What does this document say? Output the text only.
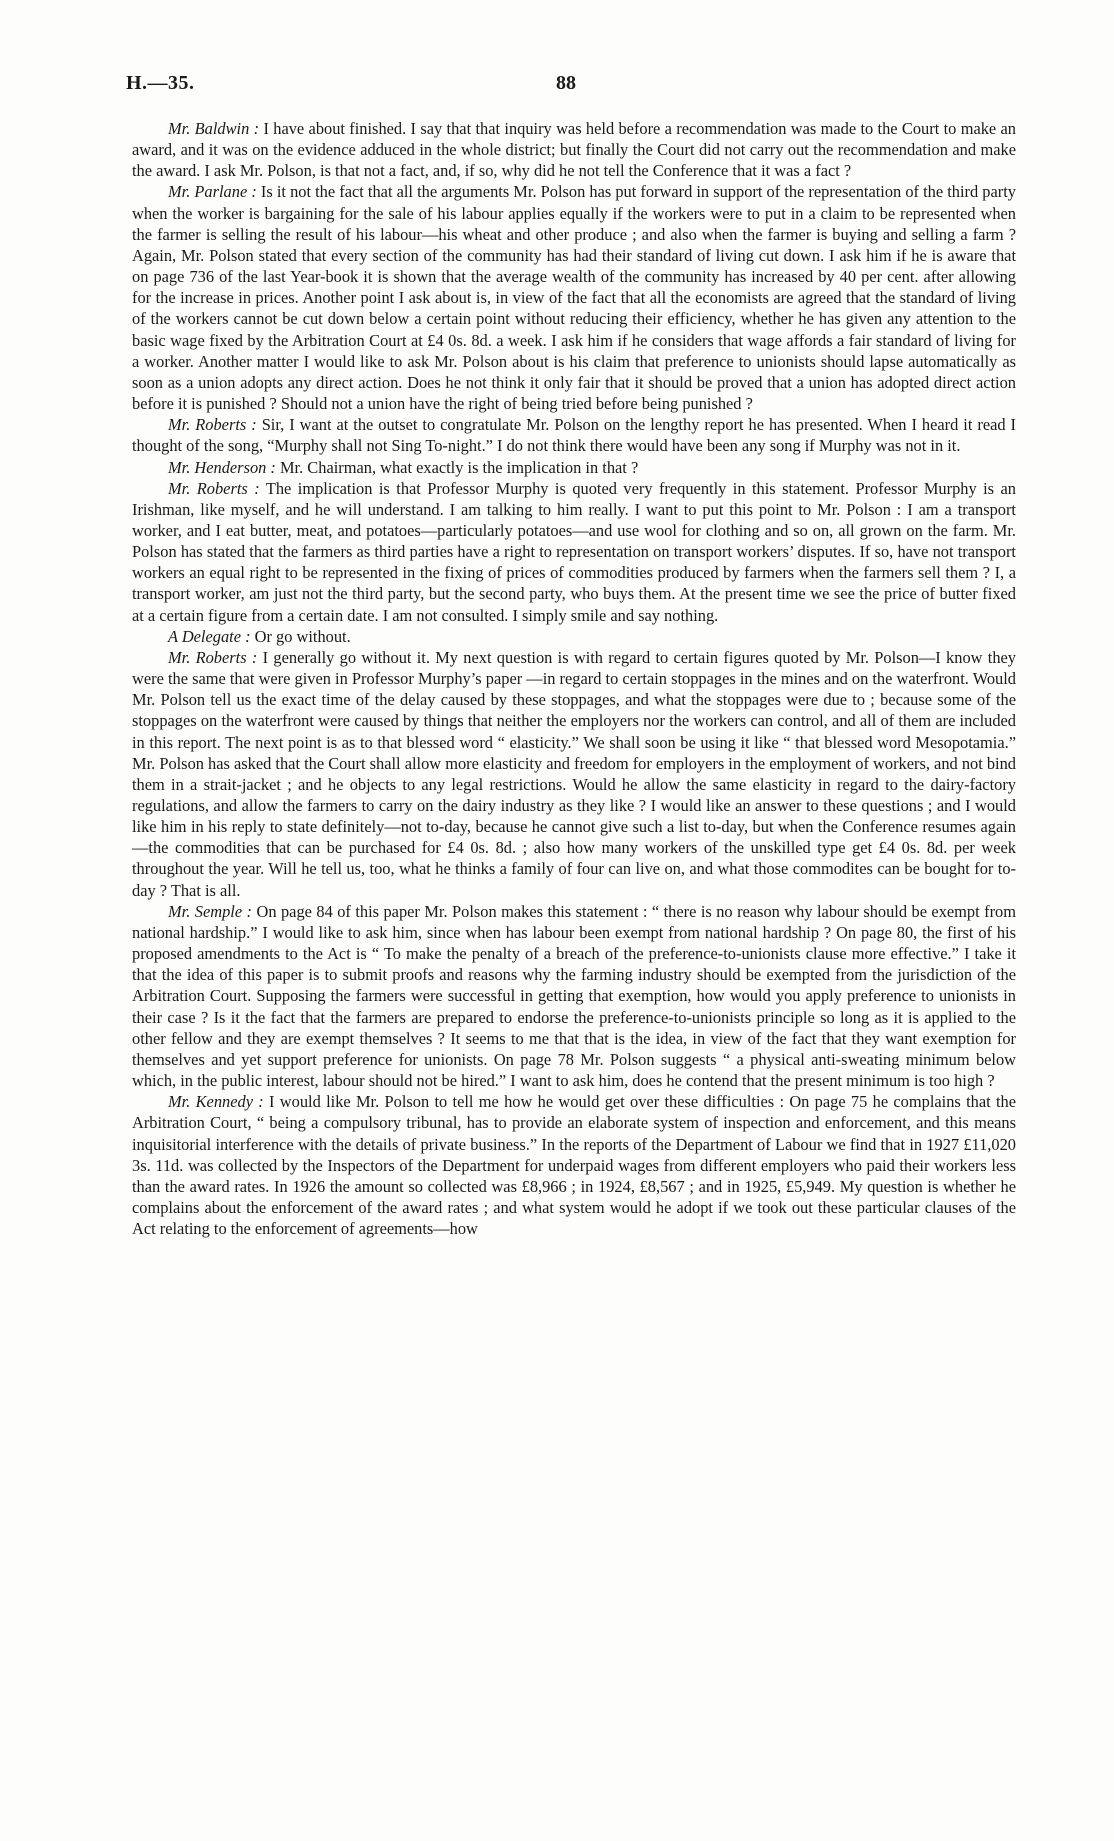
H.—35.	88

Mr. Baldwin : I have about finished. I say that that inquiry was held before a recommendation was made to the Court to make an award, and it was on the evidence adduced in the whole district; but finally the Court did not carry out the recommendation and make the award. I ask Mr. Polson, is that not a fact, and, if so, why did he not tell the Conference that it was a fact ?

Mr. Parlane : Is it not the fact that all the arguments Mr. Polson has put forward in support of the representation of the third party when the worker is bargaining for the sale of his labour applies equally if the workers were to put in a claim to be represented when the farmer is selling the result of his labour—his wheat and other produce ; and also when the farmer is buying and selling a farm ? Again, Mr. Polson stated that every section of the community has had their standard of living cut down. I ask him if he is aware that on page 736 of the last Year-book it is shown that the average wealth of the community has increased by 40 per cent. after allowing for the increase in prices. Another point I ask about is, in view of the fact that all the economists are agreed that the standard of living of the workers cannot be cut down below a certain point without reducing their efficiency, whether he has given any attention to the basic wage fixed by the Arbitration Court at £4 0s. 8d. a week. I ask him if he considers that wage affords a fair standard of living for a worker. Another matter I would like to ask Mr. Polson about is his claim that preference to unionists should lapse automatically as soon as a union adopts any direct action. Does he not think it only fair that it should be proved that a union has adopted direct action before it is punished ? Should not a union have the right of being tried before being punished ?

Mr. Roberts : Sir, I want at the outset to congratulate Mr. Polson on the lengthy report he has presented. When I heard it read I thought of the song, “Murphy shall not Sing To-night.” I do not think there would have been any song if Murphy was not in it.

Mr. Henderson : Mr. Chairman, what exactly is the implication in that ?

Mr. Roberts : The implication is that Professor Murphy is quoted very frequently in this statement. Professor Murphy is an Irishman, like myself, and he will understand. I am talking to him really. I want to put this point to Mr. Polson : I am a transport worker, and I eat butter, meat, and potatoes—particularly potatoes—and use wool for clothing and so on, all grown on the farm. Mr. Polson has stated that the farmers as third parties have a right to representation on transport workers’ disputes. If so, have not transport workers an equal right to be represented in the fixing of prices of commodities produced by farmers when the farmers sell them ? I, a transport worker, am just not the third party, but the second party, who buys them. At the present time we see the price of butter fixed at a certain figure from a certain date. I am not consulted. I simply smile and say nothing.

A Delegate : Or go without.

Mr. Roberts : I generally go without it. My next question is with regard to certain figures quoted by Mr. Polson—I know they were the same that were given in Professor Murphy’s paper —in regard to certain stoppages in the mines and on the waterfront. Would Mr. Polson tell us the exact time of the delay caused by these stoppages, and what the stoppages were due to ; because some of the stoppages on the waterfront were caused by things that neither the employers nor the workers can control, and all of them are included in this report. The next point is as to that blessed word “ elasticity.” We shall soon be using it like “ that blessed word Mesopotamia.” Mr. Polson has asked that the Court shall allow more elasticity and freedom for employers in the employment of workers, and not bind them in a strait-jacket ; and he objects to any legal restrictions. Would he allow the same elasticity in regard to the dairy-factory regulations, and allow the farmers to carry on the dairy industry as they like ? I would like an answer to these questions ; and I would like him in his reply to state definitely—not to-day, because he cannot give such a list to-day, but when the Conference resumes again—the commodities that can be purchased for £4 0s. 8d. ; also how many workers of the unskilled type get £4 0s. 8d. per week throughout the year. Will he tell us, too, what he thinks a family of four can live on, and what those commodites can be bought for to-day ? That is all.

Mr. Semple : On page 84 of this paper Mr. Polson makes this statement : “ there is no reason why labour should be exempt from national hardship.” I would like to ask him, since when has labour been exempt from national hardship ? On page 80, the first of his proposed amendments to the Act is “ To make the penalty of a breach of the preference-to-unionists clause more effective.” I take it that the idea of this paper is to submit proofs and reasons why the farming industry should be exempted from the jurisdiction of the Arbitration Court. Supposing the farmers were successful in getting that exemption, how would you apply preference to unionists in their case ? Is it the fact that the farmers are prepared to endorse the preference-to-unionists principle so long as it is applied to the other fellow and they are exempt themselves ? It seems to me that that is the idea, in view of the fact that they want exemption for themselves and yet support preference for unionists. On page 78 Mr. Polson suggests “ a physical anti-sweating minimum below which, in the public interest, labour should not be hired.” I want to ask him, does he contend that the present minimum is too high ?

Mr. Kennedy : I would like Mr. Polson to tell me how he would get over these difficulties : On page 75 he complains that the Arbitration Court, “ being a compulsory tribunal, has to provide an elaborate system of inspection and enforcement, and this means inquisitorial interference with the details of private business.” In the reports of the Department of Labour we find that in 1927 £11,020 3s. 11d. was collected by the Inspectors of the Department for underpaid wages from different employers who paid their workers less than the award rates. In 1926 the amount so collected was £8,966 ; in 1924, £8,567 ; and in 1925, £5,949. My question is whether he complains about the enforcement of the award rates ; and what system would he adopt if we took out these particular clauses of the Act relating to the enforcement of agreements—how
